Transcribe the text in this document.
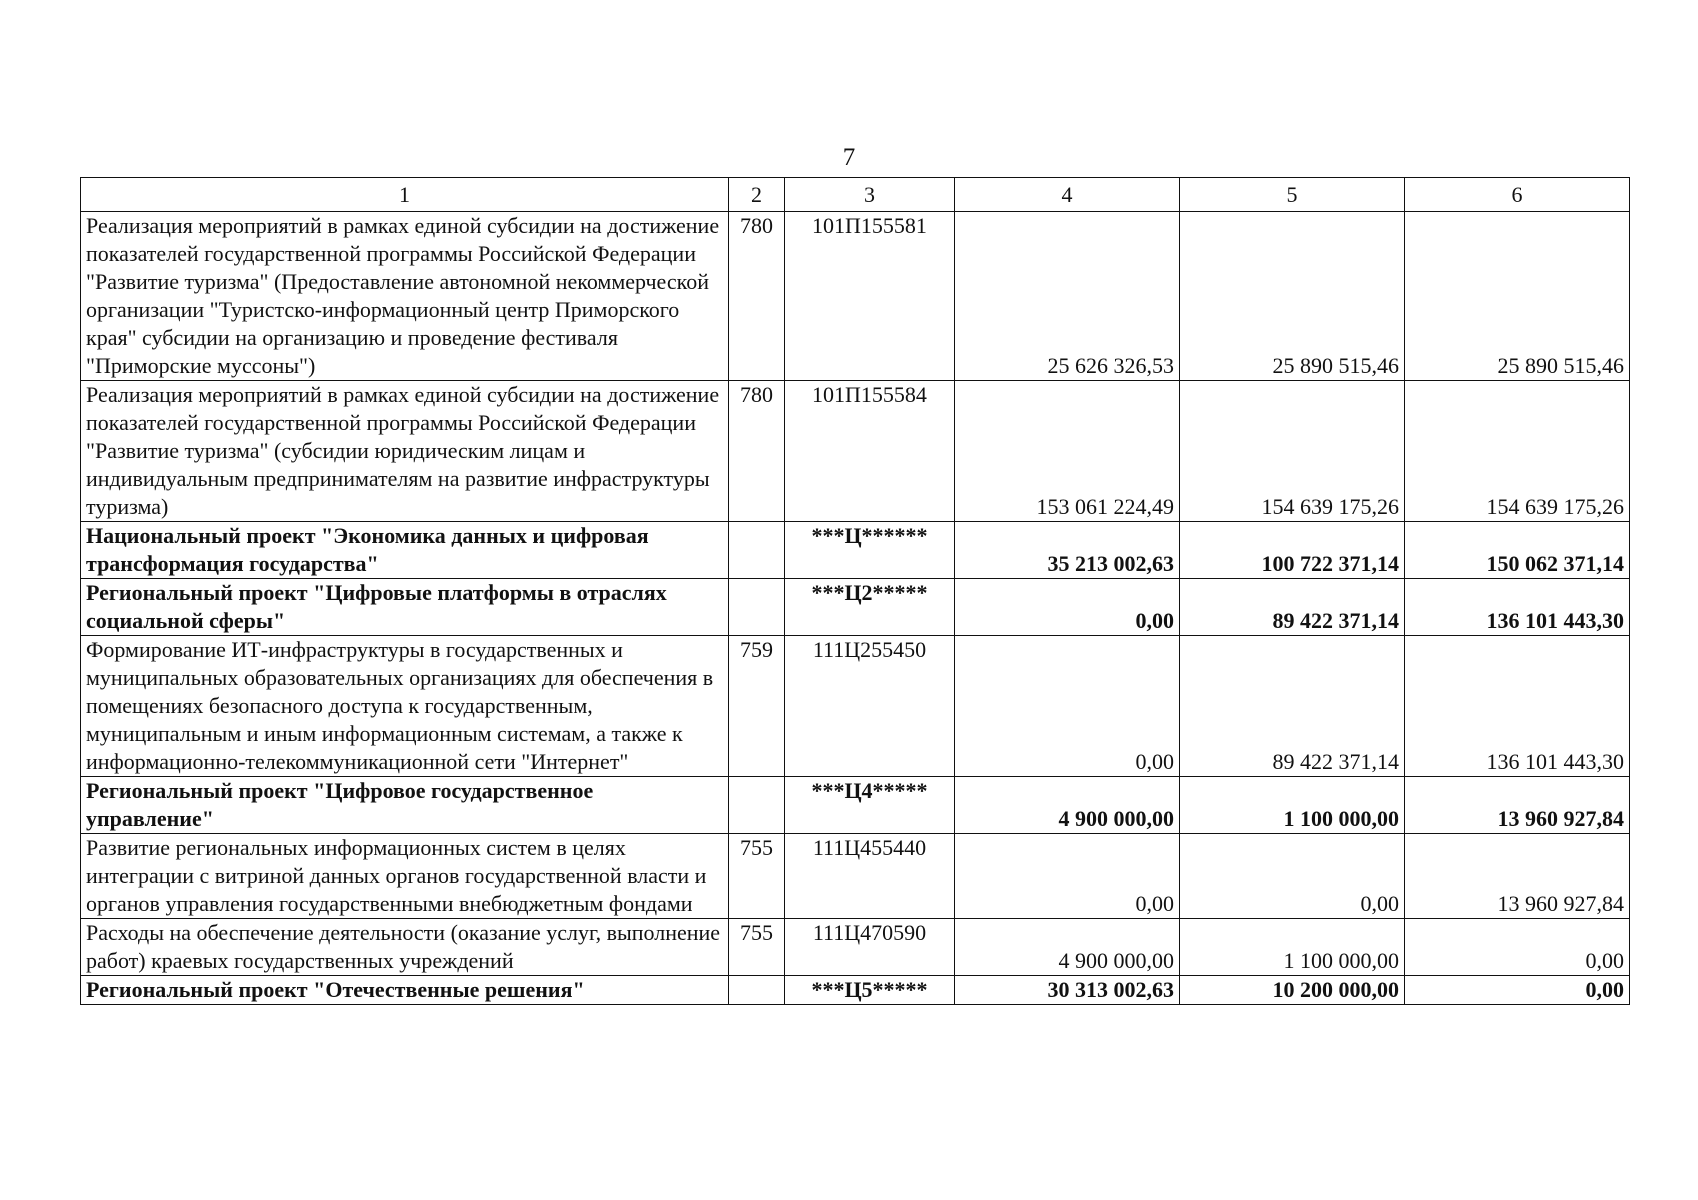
7
1	2	3	4	5	6
Реализация мероприятий в рамках единой субсидии на достижение показателей государственной программы Российской Федерации "Развитие туризма" (Предоставление автономной некоммерческой организации "Туристско-информационный центр Приморского края" субсидии на организацию и проведение фестиваля "Приморские муссоны")	780	101П155581	25 626 326,53	25 890 515,46	25 890 515,46
Реализация мероприятий в рамках единой субсидии на достижение показателей государственной программы Российской Федерации "Развитие туризма" (субсидии юридическим лицам и индивидуальным предпринимателям на развитие инфраструктуры туризма)	780	101П155584	153 061 224,49	154 639 175,26	154 639 175,26
Национальный проект "Экономика данных и цифровая трансформация государства"		***Ц******	35 213 002,63	100 722 371,14	150 062 371,14
Региональный проект "Цифровые платформы в отраслях социальной сферы"		***Ц2*****	0,00	89 422 371,14	136 101 443,30
Формирование ИТ-инфраструктуры в государственных и муниципальных образовательных организациях для обеспечения в помещениях безопасного доступа к государственным, муниципальным и иным информационным системам, а также к информационно-телекоммуникационной сети "Интернет"	759	111Ц255450	0,00	89 422 371,14	136 101 443,30
Региональный проект "Цифровое государственное управление"		***Ц4*****	4 900 000,00	1 100 000,00	13 960 927,84
Развитие региональных информационных систем в целях интеграции с витриной данных органов государственной власти и органов управления государственными внебюджетным фондами	755	111Ц455440	0,00	0,00	13 960 927,84
Расходы на обеспечение деятельности (оказание услуг, выполнение работ) краевых государственных учреждений	755	111Ц470590	4 900 000,00	1 100 000,00	0,00
Региональный проект "Отечественные решения"		***Ц5*****	30 313 002,63	10 200 000,00	0,00
